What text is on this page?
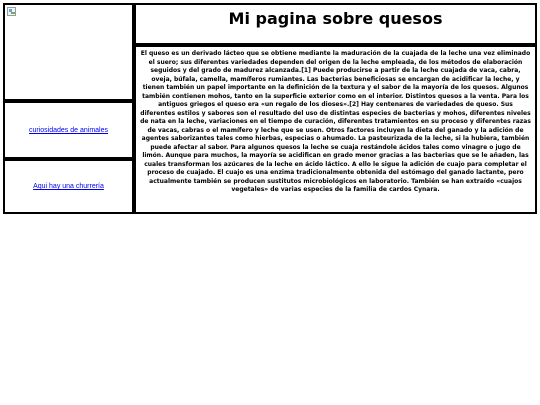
Mi pagina sobre quesos

El queso es un derivado lácteo que se obtiene mediante la maduración de la cuajada de la leche una vez eliminado el suero; sus diferentes variedades dependen del origen de la leche empleada, de los métodos de elaboración seguidos y del grado de madurez alcanzada.[1] Puede producirse a partir de la leche cuajada de vaca, cabra, oveja, búfala, camella, mamíferos rumiantes. Las bacterias beneficiosas se encargan de acidificar la leche, y tienen también un papel importante en la definición de la textura y el sabor de la mayoría de los quesos. Algunos también contienen mohos, tanto en la superficie exterior como en el interior. Distintos quesos a la venta. Para los antiguos griegos el queso era «un regalo de los dioses».[2] Hay centenares de variedades de queso. Sus diferentes estilos y sabores son el resultado del uso de distintas especies de bacterias y mohos, diferentes niveles de nata en la leche, variaciones en el tiempo de curación, diferentes tratamientos en su proceso y diferentes razas de vacas, cabras o el mamífero y leche que se usen. Otros factores incluyen la dieta del ganado y la adición de agentes saborizantes tales como hierbas, especias o ahumado. La pasteurizada de la leche, si la hubiera, también puede afectar al sabor. Para algunos quesos la leche se cuaja restándole ácidos tales como vinagre o jugo de limón. Aunque para muchos, la mayoría se acidifican en grado menor gracias a las bacterias que se le añaden, las cuales transforman los azúcares de la leche en ácido láctico. A ello le sigue la adición de cuajo para completar el proceso de cuajado. El cuajo es una enzima tradicionalmente obtenida del estómago del ganado lactante, pero actualmente también se producen sustitutos microbiológicos en laboratorio. También se han extraído «cuajos vegetales» de varias especies de la familia de cardos Cynara.

curiosidades de animales
Aqui hay una churrería
